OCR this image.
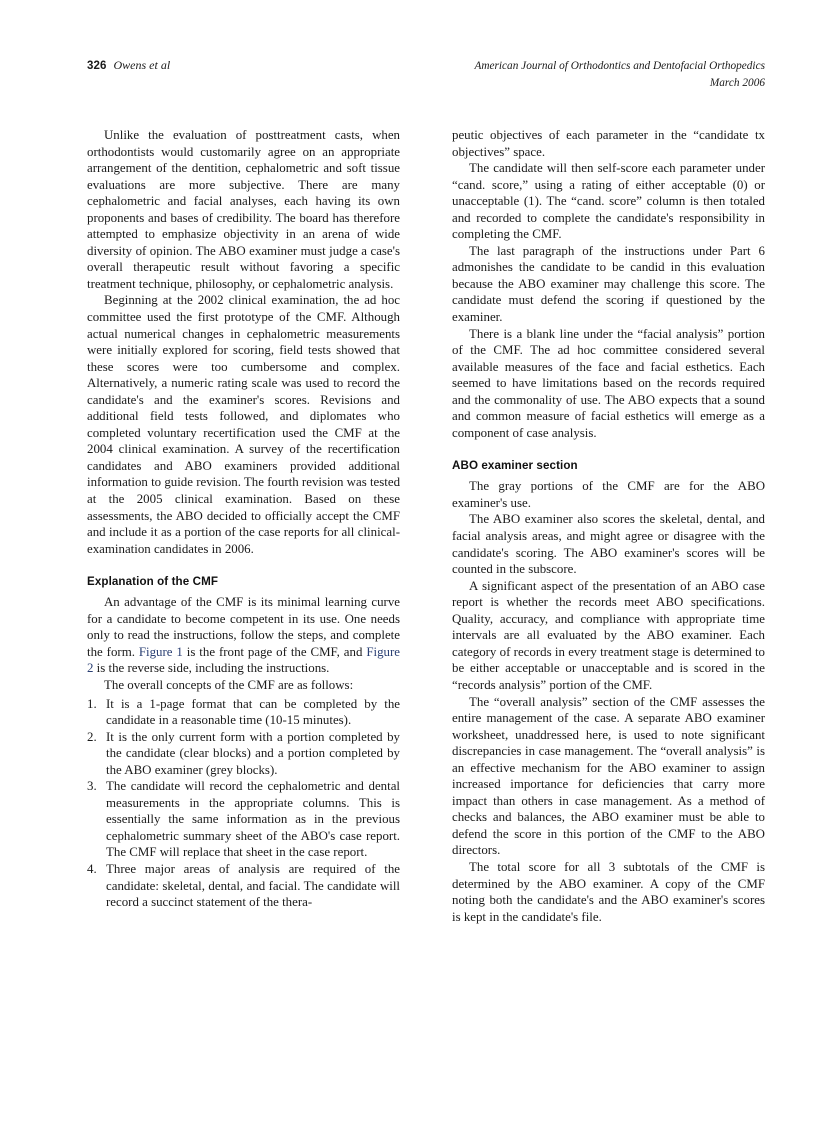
326 Owens et al	American Journal of Orthodontics and Dentofacial Orthopedics
March 2006

Unlike the evaluation of posttreatment casts, when orthodontists would customarily agree on an appropriate arrangement of the dentition, cephalometric and soft tissue evaluations are more subjective. There are many cephalometric and facial analyses, each having its own proponents and bases of credibility. The board has therefore attempted to emphasize objectivity in an arena of wide diversity of opinion. The ABO examiner must judge a case's overall therapeutic result without favoring a specific treatment technique, philosophy, or cephalometric analysis.

Beginning at the 2002 clinical examination, the ad hoc committee used the first prototype of the CMF. Although actual numerical changes in cephalometric measurements were initially explored for scoring, field tests showed that these scores were too cumbersome and complex. Alternatively, a numeric rating scale was used to record the candidate's and the examiner's scores. Revisions and additional field tests followed, and diplomates who completed voluntary recertification used the CMF at the 2004 clinical examination. A survey of the recertification candidates and ABO examiners provided additional information to guide revision. The fourth revision was tested at the 2005 clinical examination. Based on these assessments, the ABO decided to officially accept the CMF and include it as a portion of the case reports for all clinical-examination candidates in 2006.

Explanation of the CMF

An advantage of the CMF is its minimal learning curve for a candidate to become competent in its use. One needs only to read the instructions, follow the steps, and complete the form. Figure 1 is the front page of the CMF, and Figure 2 is the reverse side, including the instructions.

The overall concepts of the CMF are as follows:

1. It is a 1-page format that can be completed by the candidate in a reasonable time (10-15 minutes).
2. It is the only current form with a portion completed by the candidate (clear blocks) and a portion completed by the ABO examiner (grey blocks).
3. The candidate will record the cephalometric and dental measurements in the appropriate columns. This is essentially the same information as in the previous cephalometric summary sheet of the ABO's case report. The CMF will replace that sheet in the case report.
4. Three major areas of analysis are required of the candidate: skeletal, dental, and facial. The candidate will record a succinct statement of the thera-

peutic objectives of each parameter in the “candidate tx objectives” space.

The candidate will then self-score each parameter under “cand. score,” using a rating of either acceptable (0) or unacceptable (1). The “cand. score” column is then totaled and recorded to complete the candidate's responsibility in completing the CMF.

The last paragraph of the instructions under Part 6 admonishes the candidate to be candid in this evaluation because the ABO examiner may challenge this score. The candidate must defend the scoring if questioned by the examiner.

There is a blank line under the “facial analysis” portion of the CMF. The ad hoc committee considered several available measures of the face and facial esthetics. Each seemed to have limitations based on the records required and the commonality of use. The ABO expects that a sound and common measure of facial esthetics will emerge as a component of case analysis.

ABO examiner section

The gray portions of the CMF are for the ABO examiner's use.

The ABO examiner also scores the skeletal, dental, and facial analysis areas, and might agree or disagree with the candidate's scoring. The ABO examiner's scores will be counted in the subscore.

A significant aspect of the presentation of an ABO case report is whether the records meet ABO specifications. Quality, accuracy, and compliance with appropriate time intervals are all evaluated by the ABO examiner. Each category of records in every treatment stage is determined to be either acceptable or unacceptable and is scored in the “records analysis” portion of the CMF.

The “overall analysis” section of the CMF assesses the entire management of the case. A separate ABO examiner worksheet, unaddressed here, is used to note significant discrepancies in case management. The “overall analysis” is an effective mechanism for the ABO examiner to assign increased importance for deficiencies that carry more impact than others in case management. As a method of checks and balances, the ABO examiner must be able to defend the score in this portion of the CMF to the ABO directors.

The total score for all 3 subtotals of the CMF is determined by the ABO examiner. A copy of the CMF noting both the candidate's and the ABO examiner's scores is kept in the candidate's file.
